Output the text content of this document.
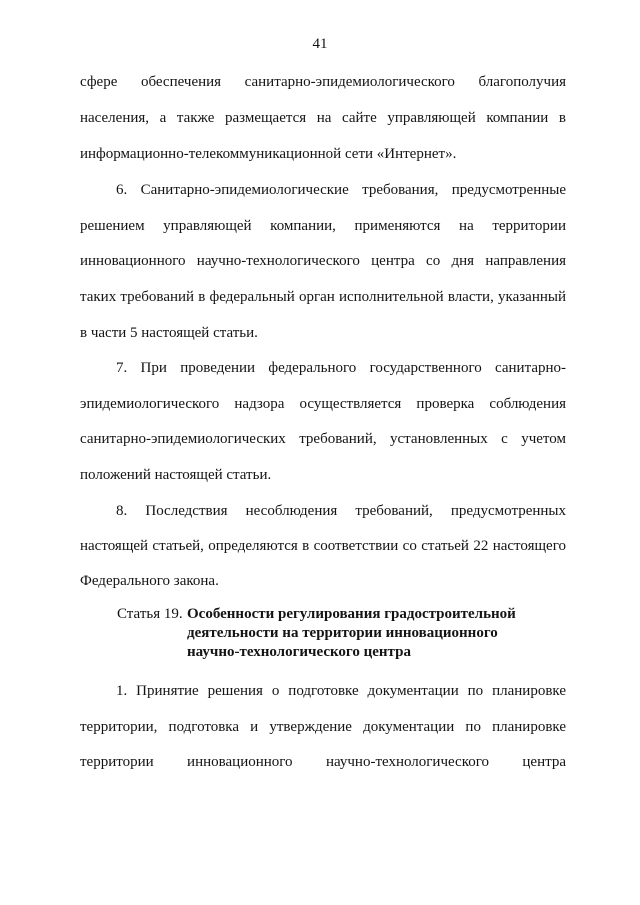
41
сфере обеспечения санитарно-эпидемиологического благополучия
населения, а также размещается на сайте управляющей компании в
информационно-телекоммуникационной сети «Интернет».
6. Санитарно-эпидемиологические требования, предусмотренные
решением управляющей компании, применяются на территории
инновационного научно-технологического центра со дня направления
таких требований в федеральный орган исполнительной власти, указанный
в части 5 настоящей статьи.
7. При проведении федерального государственного санитарно-
эпидемиологического надзора осуществляется проверка соблюдения
санитарно-эпидемиологических требований, установленных с учетом
положений настоящей статьи.
8. Последствия несоблюдения требований, предусмотренных
настоящей статьей, определяются в соответствии со статьей 22 настоящего
Федерального закона.
Статья 19. Особенности регулирования градостроительной
деятельности на территории инновационного
научно-технологического центра
1. Принятие решения о подготовке документации по планировке
территории, подготовка и утверждение документации по планировке
территории инновационного научно-технологического центра
